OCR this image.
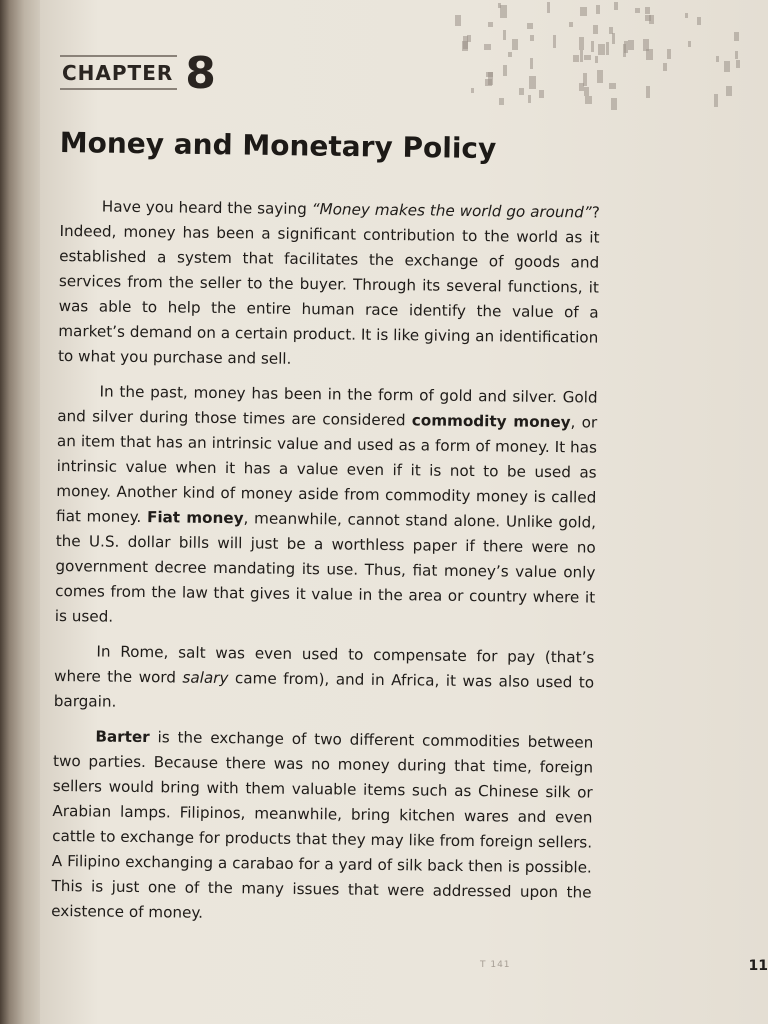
CHAPTER 8
Money and Monetary Policy

Have you heard the saying “Money makes the world go around”? Indeed, money has been a significant contribution to the world as it established a system that facilitates the exchange of goods and services from the seller to the buyer. Through its several functions, it was able to help the entire human race identify the value of a market’s demand on a certain product. It is like giving an identification to what you purchase and sell.

In the past, money has been in the form of gold and silver. Gold and silver during those times are considered commodity money, or an item that has an intrinsic value and used as a form of money. It has intrinsic value when it has a value even if it is not to be used as money. Another kind of money aside from commodity money is called fiat money. Fiat money, meanwhile, cannot stand alone. Unlike gold, the U.S. dollar bills will just be a worthless paper if there were no government decree mandating its use. Thus, fiat money’s value only comes from the law that gives it value in the area or country where it is used.

In Rome, salt was even used to compensate for pay (that’s where the word salary came from), and in Africa, it was also used to bargain.

Barter is the exchange of two different commodities between two parties. Because there was no money during that time, foreign sellers would bring with them valuable items such as Chinese silk or Arabian lamps. Filipinos, meanwhile, bring kitchen wares and even cattle to exchange for products that they may like from foreign sellers. A Filipino exchanging a carabao for a yard of silk back then is possible. This is just one of the many issues that were addressed upon the existence of money.

T 141	11
